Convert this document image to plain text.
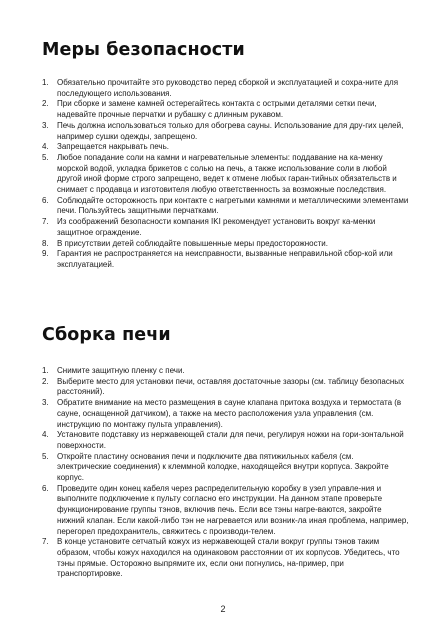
Меры безопасности
1.	Обязательно прочитайте это руководство перед сборкой и эксплуатацией и сохра-ните для последующего использования.
2.	При сборке и замене камней остерегайтесь контакта с острыми деталями сетки печи, надевайте прочные перчатки и рубашку с длинным рукавом.
3.	Печь должна использоваться только для обогрева сауны. Использование для дру-гих целей, например сушки одежды, запрещено.
4.	Запрещается накрывать печь.
5.	Любое попадание соли на камни и нагревательные элементы: поддавание на ка-менку морской водой, укладка брикетов с солью на печь, а также использование соли в любой другой иной форме строго запрещено, ведет к отмене любых гаран-тийных обязательств и снимает с продавца и изготовителя любую ответственность за возможные последствия.
6.	Соблюдайте осторожность при контакте с нагретыми камнями и металлическими элементами печи. Пользуйтесь защитными перчатками.
7.	Из соображений безопасности компания IKI рекомендует установить вокруг ка-менки защитное ограждение.
8.	В присутствии детей соблюдайте повышенные меры предосторожности.
9.	Гарантия не распространяется на неисправности, вызванные неправильной сбор-кой или эксплуатацией.
Сборка печи
1.	Снимите защитную пленку с печи.
2.	Выберите место для установки печи, оставляя достаточные зазоры (см. таблицу безопасных расстояний).
3.	Обратите внимание на место размещения в сауне клапана притока воздуха и термостата (в сауне, оснащенной датчиком), а также на место расположения узла управления (см. инструкцию по монтажу пульта управления).
4.	Установите подставку из нержавеющей стали для печи, регулируя ножки на гори-зонтальной поверхности.
5.	Откройте пластину основания печи и подключите два пятижильных кабеля (см. электрические соединения) к клеммной колодке, находящейся внутри корпуса. Закройте корпус.
6.	Проведите один конец кабеля через распределительную коробку в узел управле-ния и выполните подключение к пульту согласно его инструкции. На данном этапе проверьте функционирование группы тэнов, включив печь. Если все тэны нагре-ваются, закройте нижний клапан. Если какой-либо тэн не нагревается или возник-ла иная проблема, например, перегорел предохранитель, свяжитесь с производи-телем.
7.	В конце установите сетчатый кожух из нержавеющей стали вокруг группы тэнов таким образом, чтобы кожух находился на одинаковом расстоянии от их корпусов. Убедитесь, что тэны прямые. Осторожно выпрямите их, если они погнулись, на-пример, при транспортировке.
2
